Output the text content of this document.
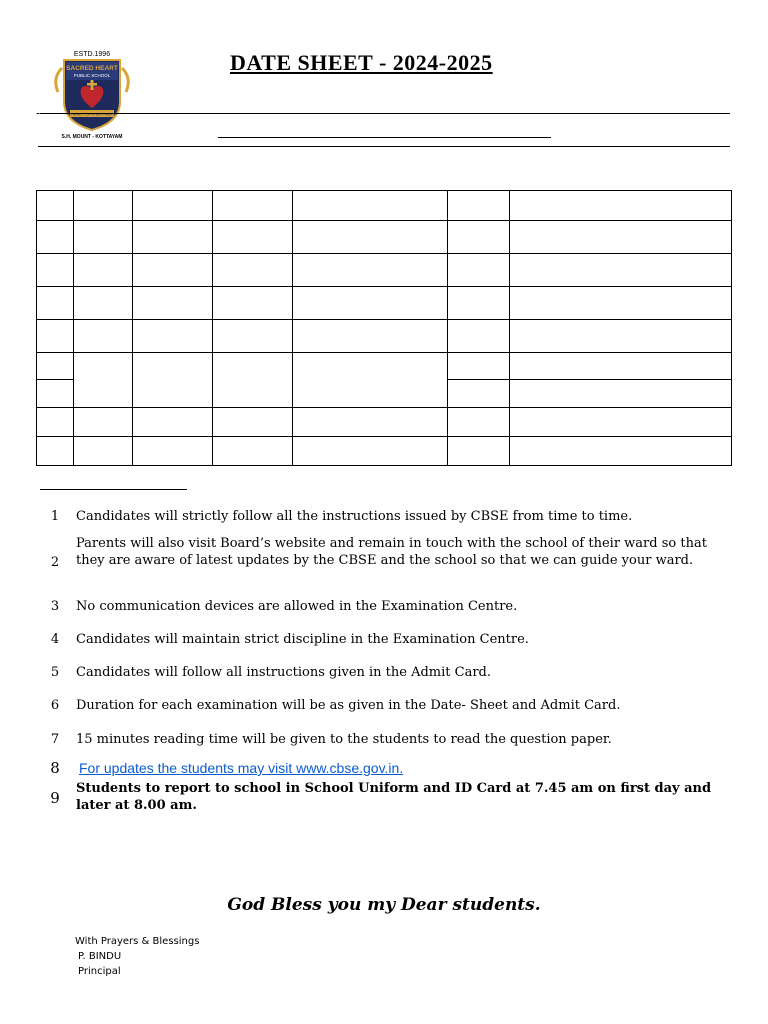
ESTD.1996
SACRED HEART
PUBLIC SCHOOL
HEART OF A MOTHER
S.H. MOUNT - KOTTAYAM
DATE SHEET - 2024-2025
-

1	Candidates will strictly follow all the instructions issued by CBSE from time to time.
2
Parents will also visit Board’s website and remain in touch with the school of their ward so that they are aware of latest updates by the CBSE and the school so that we can guide your ward.
3	No communication devices are allowed in the Examination Centre.
4	Candidates will maintain strict discipline in the Examination Centre.
5	Candidates will follow all instructions given in the Admit Card.
6	Duration for each examination will be as given in the Date- Sheet and Admit Card.
7	15 minutes reading time will be given to the students to read the question paper.
8	For updates the students may visit www.cbse.gov.in.
9
Students to report to school in School Uniform and ID Card at 7.45 am on first day and later at 8.00 am.
God Bless you my Dear students.
With Prayers & Blessings
P. BINDU
Principal
